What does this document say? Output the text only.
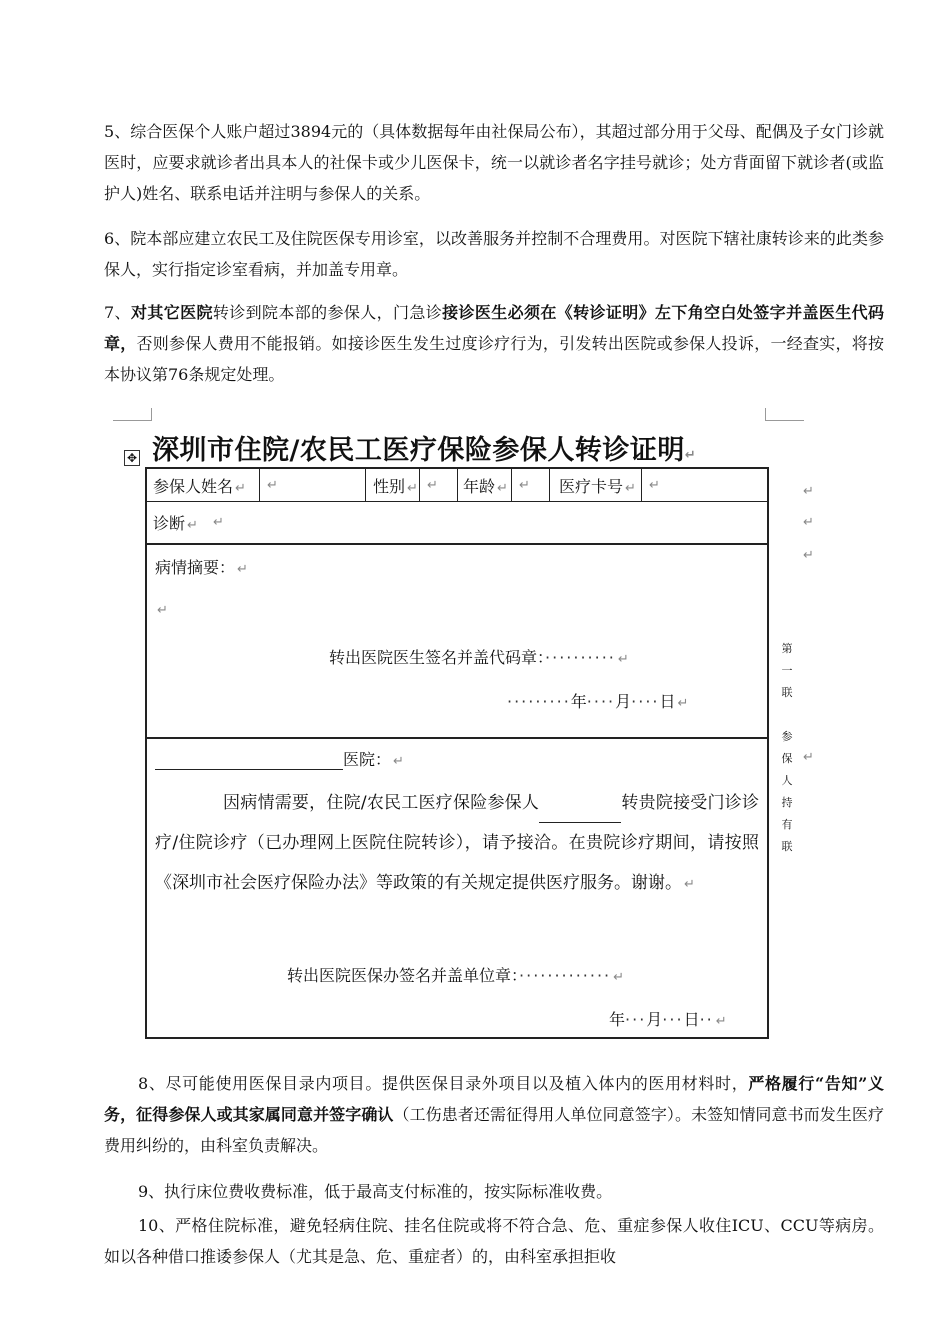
5、综合医保个人账户超过3894元的（具体数据每年由社保局公布），其超过部分用于父母、配偶及子女门诊就医时，应要求就诊者出具本人的社保卡或少儿医保卡，统一以就诊者名字挂号就诊；处方背面留下就诊者(或监护人)姓名、联系电话并注明与参保人的关系。

6、院本部应建立农民工及住院医保专用诊室，以改善服务并控制不合理费用。对医院下辖社康转诊来的此类参保人，实行指定诊室看病，并加盖专用章。

7、对其它医院转诊到院本部的参保人，门急诊接诊医生必须在《转诊证明》左下角空白处签字并盖医生代码章，否则参保人费用不能报销。如接诊医生发生过度诊疗行为，引发转出医院或参保人投诉，一经查实，将按本协议第76条规定处理。

✥ 深圳市住院/农民工医疗保险参保人转诊证明↵
参保人姓名 ↵ ↵	性别 ↵ ↵ 年龄 ↵ ↵ 医疗卡号 ↵ ↵
诊断 ↵ ↵
病情摘要： ↵
↵
转出医院医生签名并盖代码章：·········· ↵
·········年····月····日 ↵
医院： ↵
因病情需要，住院/农民工医疗保险参保人	转贵院接受门诊诊疗/住院诊疗（已办理网上医院住院转诊），请予接洽。在贵院诊疗期间，请按照《深圳市社会医疗保险办法》等政策的有关规定提供医疗服务。谢谢。 ↵
转出医院医保办签名并盖单位章：············· ↵
年···月···日·· ↵
第
一
联
参
保
人
持
有
联
↵
↵
↵
↵

8、尽可能使用医保目录内项目。提供医保目录外项目以及植入体内的医用材料时，严格履行“告知”义务，征得参保人或其家属同意并签字确认（工伤患者还需征得用人单位同意签字）。未签知情同意书而发生医疗费用纠纷的，由科室负责解决。

9、执行床位费收费标准，低于最高支付标准的，按实际标准收费。

10、严格住院标准，避免轻病住院、挂名住院或将不符合急、危、重症参保人收住ICU、CCU等病房。如以各种借口推诿参保人（尤其是急、危、重症者）的，由科室承担拒收
